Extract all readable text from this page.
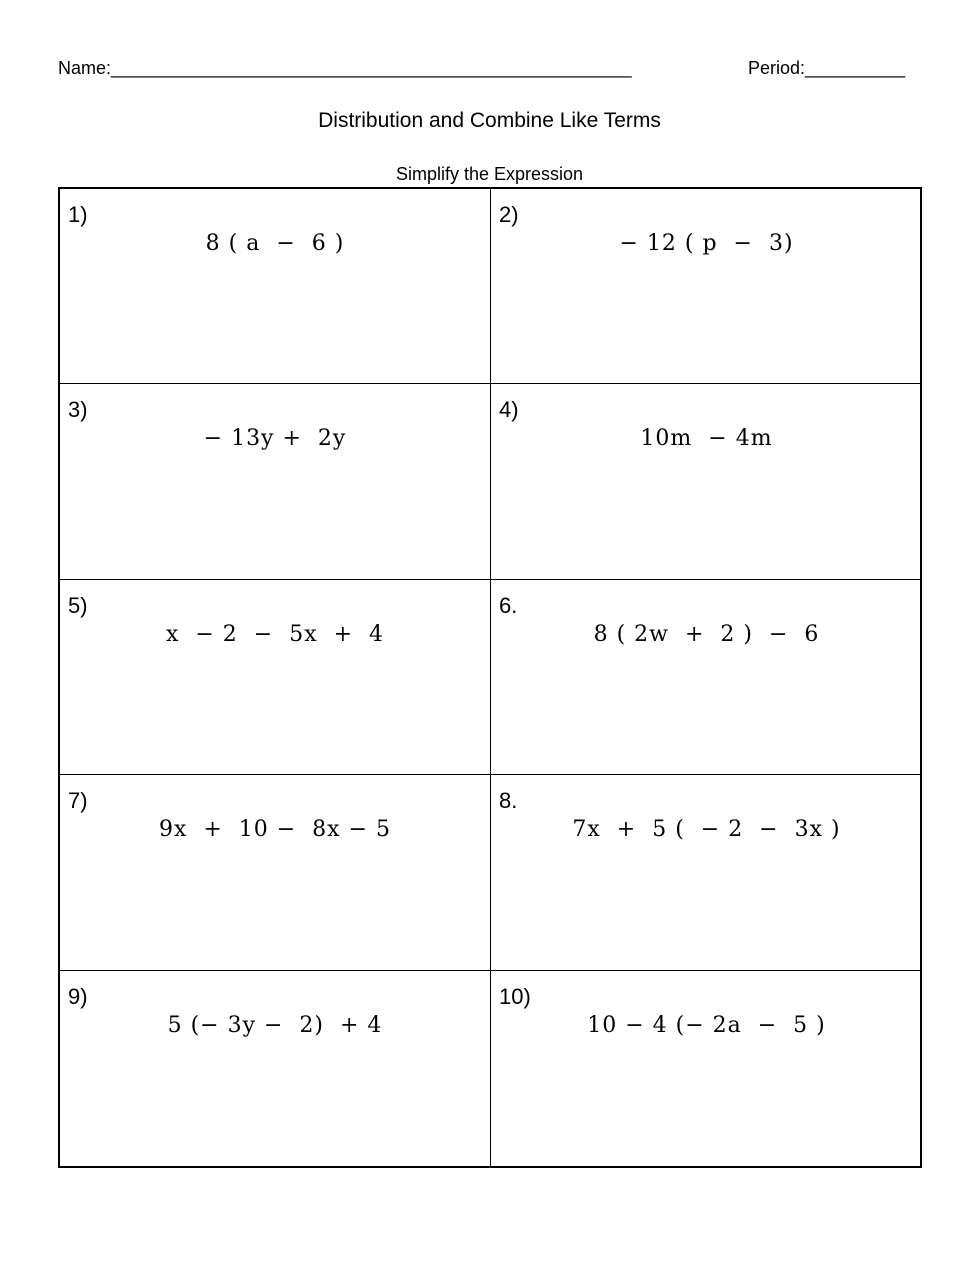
Name:____________________________________________________	Period:__________
Distribution and Combine Like Terms
Simplify the Expression
1)
8 ( a  −  6 )
2)
− 12 ( p  −  3)
3)
− 13y +  2y
4)
10m  − 4m
5)
x  − 2  −  5x  +  4
6.
8 ( 2w  +  2 )  −  6
7)
9x  +  10 −  8x − 5
8.
7x  +  5 (  − 2  −  3x )
9)
5 (− 3y −  2)  + 4
10)
10 − 4 (− 2a  −  5 )
